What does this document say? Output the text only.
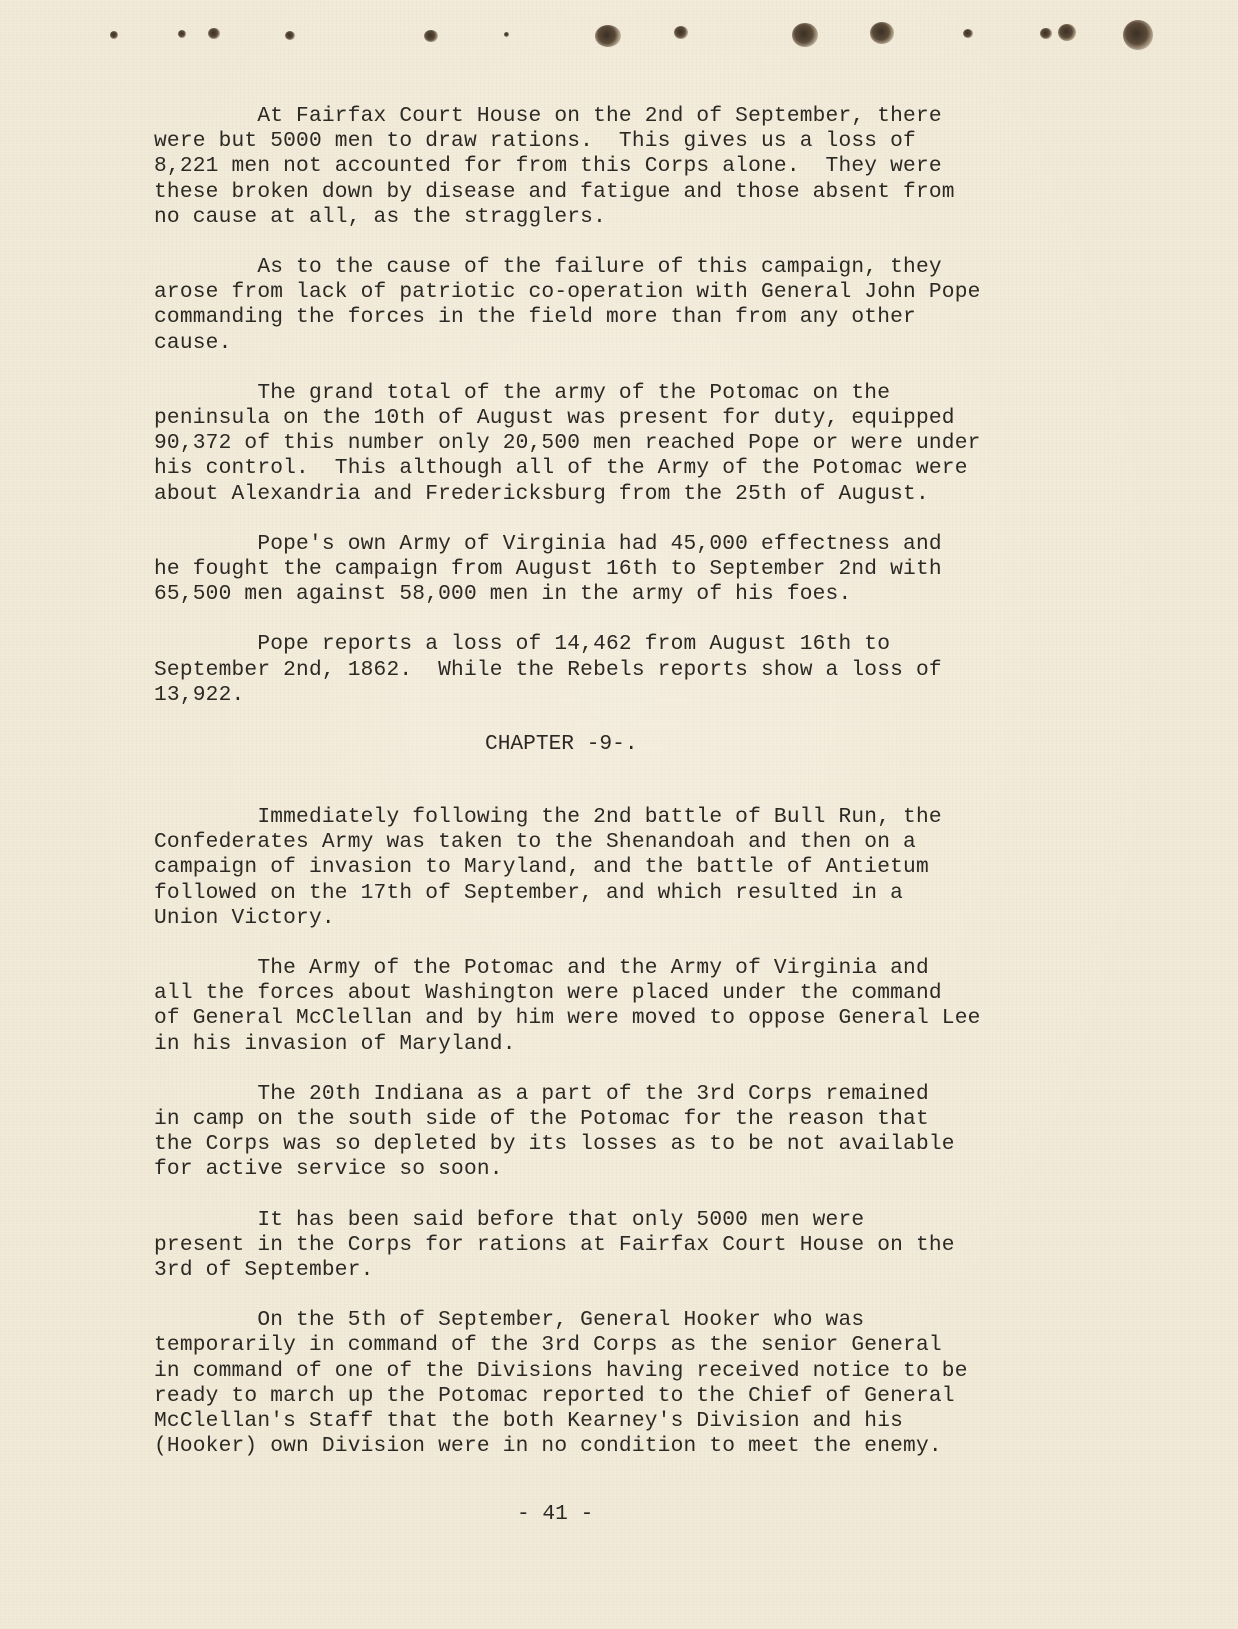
At Fairfax Court House on the 2nd of September, there
were but 5000 men to draw rations.  This gives us a loss of
8,221 men not accounted for from this Corps alone.  They were
these broken down by disease and fatigue and those absent from
no cause at all, as the stragglers.

As to the cause of the failure of this campaign, they
arose from lack of patriotic co-operation with General John Pope
commanding the forces in the field more than from any other
cause.

The grand total of the army of the Potomac on the
peninsula on the 10th of August was present for duty, equipped
90,372 of this number only 20,500 men reached Pope or were under
his control.  This although all of the Army of the Potomac were
about Alexandria and Fredericksburg from the 25th of August.

Pope's own Army of Virginia had 45,000 effectness and
he fought the campaign from August 16th to September 2nd with
65,500 men against 58,000 men in the army of his foes.

Pope reports a loss of 14,462 from August 16th to
September 2nd, 1862.  While the Rebels reports show a loss of
13,922.

CHAPTER -9-.

Immediately following the 2nd battle of Bull Run, the
Confederates Army was taken to the Shenandoah and then on a
campaign of invasion to Maryland, and the battle of Antietum
followed on the 17th of September, and which resulted in a
Union Victory.

The Army of the Potomac and the Army of Virginia and
all the forces about Washington were placed under the command
of General McClellan and by him were moved to oppose General Lee
in his invasion of Maryland.

The 20th Indiana as a part of the 3rd Corps remained
in camp on the south side of the Potomac for the reason that
the Corps was so depleted by its losses as to be not available
for active service so soon.

It has been said before that only 5000 men were
present in the Corps for rations at Fairfax Court House on the
3rd of September.

On the 5th of September, General Hooker who was
temporarily in command of the 3rd Corps as the senior General
in command of one of the Divisions having received notice to be
ready to march up the Potomac reported to the Chief of General
McClellan's Staff that the both Kearney's Division and his
(Hooker) own Division were in no condition to meet the enemy.

- 41 -
